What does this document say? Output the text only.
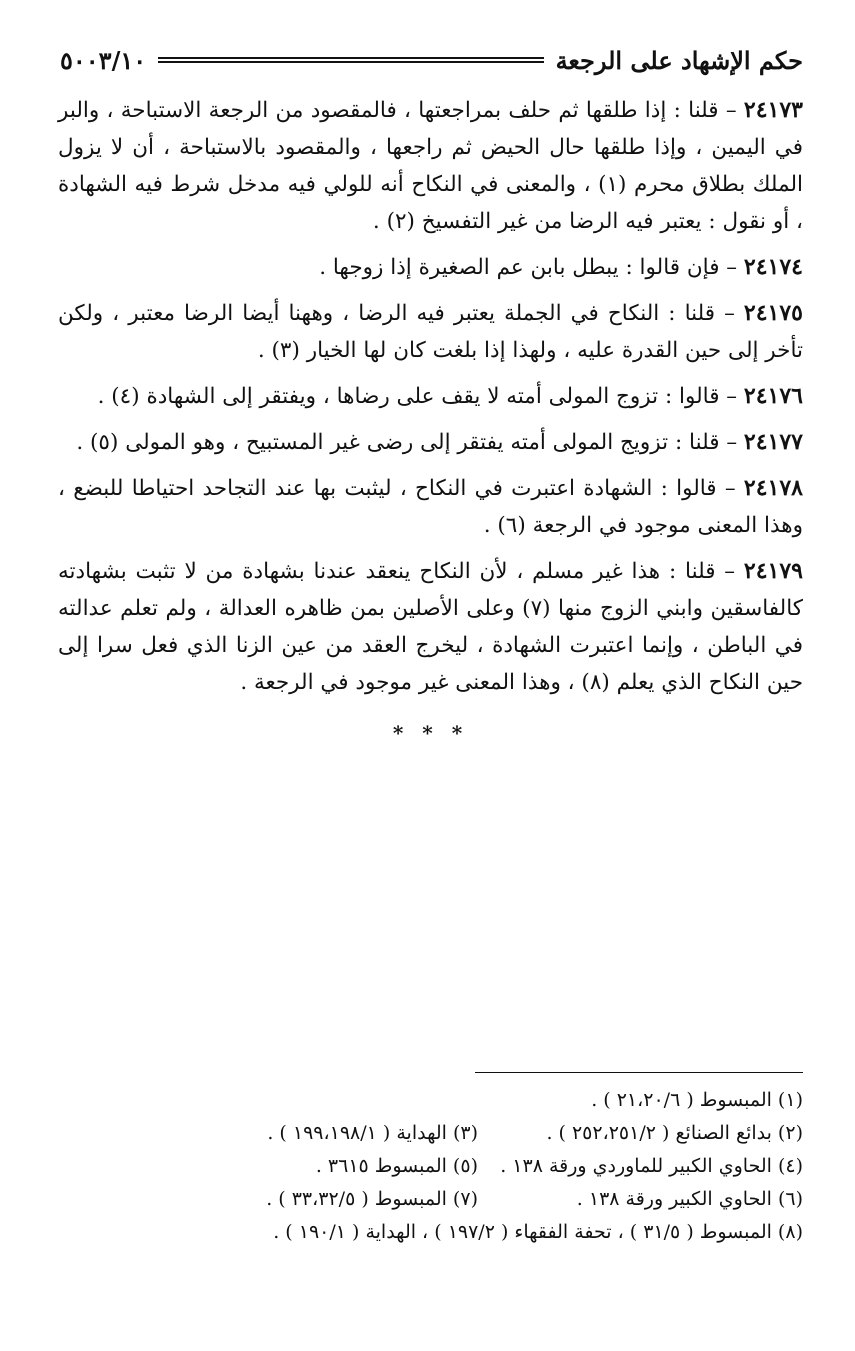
حكم الإشهاد على الرجعة
٥٠٠٣/١٠

٢٤١٧٣ – قلنا : إذا طلقها ثم حلف بمراجعتها ، فالمقصود من الرجعة الاستباحة ، والبر في اليمين ، وإذا طلقها حال الحيض ثم راجعها ، والمقصود بالاستباحة ، أن لا يزول الملك بطلاق محرم (١) ، والمعنى في النكاح أنه للولي فيه مدخل شرط فيه الشهادة ، أو نقول : يعتبر فيه الرضا من غير التفسيخ (٢) .

٢٤١٧٤ – فإن قالوا : يبطل بابن عم الصغيرة إذا زوجها .

٢٤١٧٥ – قلنا : النكاح في الجملة يعتبر فيه الرضا ، وههنا أيضا الرضا معتبر ، ولكن تأخر إلى حين القدرة عليه ، ولهذا إذا بلغت كان لها الخيار (٣) .

٢٤١٧٦ – قالوا : تزوج المولى أمته لا يقف على رضاها ، ويفتقر إلى الشهادة (٤) .

٢٤١٧٧ – قلنا : تزويج المولى أمته يفتقر إلى رضى غير المستبيح ، وهو المولى (٥) .

٢٤١٧٨ – قالوا : الشهادة اعتبرت في النكاح ، ليثبت بها عند التجاحد احتياطا للبضع ، وهذا المعنى موجود في الرجعة (٦) .

٢٤١٧٩ – قلنا : هذا غير مسلم ، لأن النكاح ينعقد عندنا بشهادة من لا تثبت بشهادته كالفاسقين وابني الزوج منها (٧) وعلى الأصلين بمن ظاهره العدالة ، ولم تعلم عدالته في الباطن ، وإنما اعتبرت الشهادة ، ليخرج العقد من عين الزنا الذي فعل سرا إلى حين النكاح الذي يعلم (٨) ، وهذا المعنى غير موجود في الرجعة .

* * *
(١) المبسوط ( ٢١،٢٠/٦ ) .
(٢) بدائع الصنائع ( ٢٥٢،٢٥١/٢ ) .
(٣) الهداية ( ١٩٩،١٩٨/١ ) .
(٤) الحاوي الكبير للماوردي ورقة ١٣٨ .
(٥) المبسوط ٣٦١٥ .
(٦) الحاوي الكبير ورقة ١٣٨ .
(٧) المبسوط ( ٣٣،٣٢/٥ ) .
(٨) المبسوط ( ٣١/٥ ) ، تحفة الفقهاء ( ١٩٧/٢ ) ، الهداية ( ١٩٠/١ ) .
